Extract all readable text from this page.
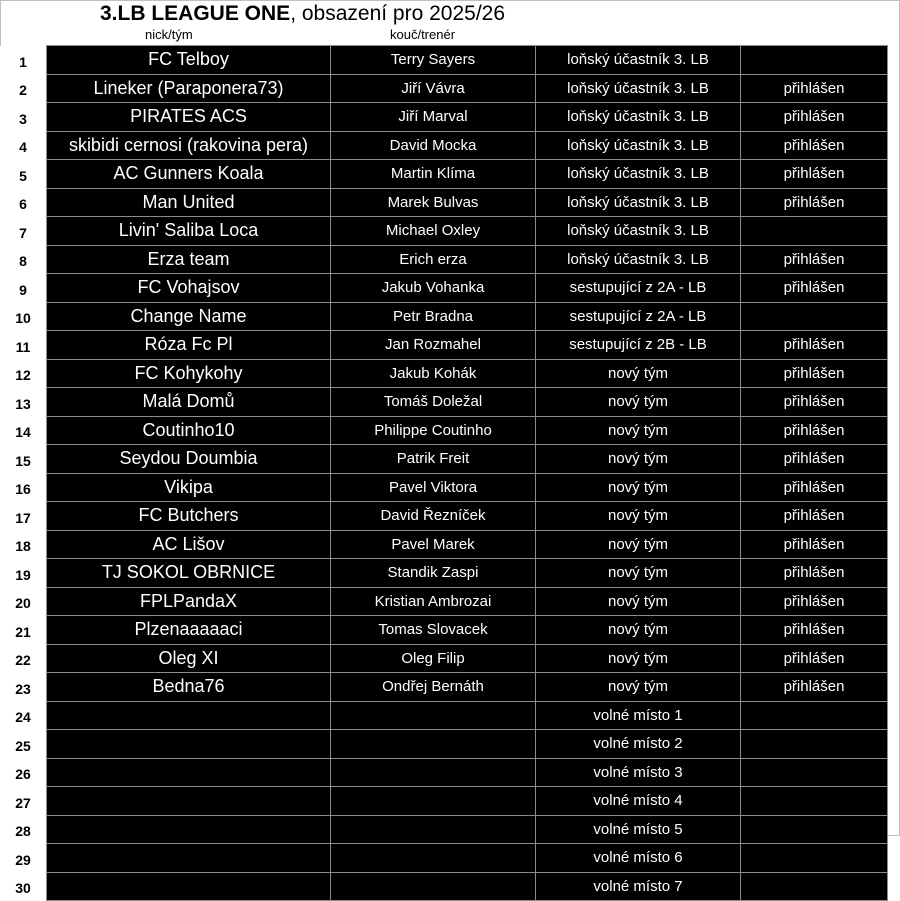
3.LB LEAGUE ONE, obsazení pro 2025/26
nick/tým	kouč/trenér
1	FC Telboy	Terry Sayers	loňský účastník 3. LB	
2	Lineker (Paraponera73)	Jiří Vávra	loňský účastník 3. LB	přihlášen
3	PIRATES ACS	Jiří Marval	loňský účastník 3. LB	přihlášen
4	skibidi cernosi (rakovina pera)	David Mocka	loňský účastník 3. LB	přihlášen
5	AC Gunners Koala	Martin Klíma	loňský účastník 3. LB	přihlášen
6	Man United	Marek Bulvas	loňský účastník 3. LB	přihlášen
7	Livin' Saliba Loca	Michael Oxley	loňský účastník 3. LB	
8	Erza team	Erich erza	loňský účastník 3. LB	přihlášen
9	FC Vohajsov	Jakub Vohanka	sestupující z 2A - LB	přihlášen
10	Change Name	Petr Bradna	sestupující z 2A - LB	
11	Róza Fc Pl	Jan Rozmahel	sestupující z 2B - LB	přihlášen
12	FC Kohykohy	Jakub Kohák	nový tým	přihlášen
13	Malá Domů	Tomáš Doležal	nový tým	přihlášen
14	Coutinho10	Philippe Coutinho	nový tým	přihlášen
15	Seydou Doumbia	Patrik Freit	nový tým	přihlášen
16	Vikipa	Pavel Viktora	nový tým	přihlášen
17	FC Butchers	David Řezníček	nový tým	přihlášen
18	AC Lišov	Pavel Marek	nový tým	přihlášen
19	TJ SOKOL OBRNICE	Standik Zaspi	nový tým	přihlášen
20	FPLPandaX	Kristian Ambrozai	nový tým	přihlášen
21	Plzenaaaaaci	Tomas Slovacek	nový tým	přihlášen
22	Oleg XI	Oleg Filip	nový tým	přihlášen
23	Bedna76	Ondřej Bernáth	nový tým	přihlášen
24			volné místo 1	
25			volné místo 2	
26			volné místo 3	
27			volné místo 4	
28			volné místo 5	
29			volné místo 6	
30			volné místo 7	
